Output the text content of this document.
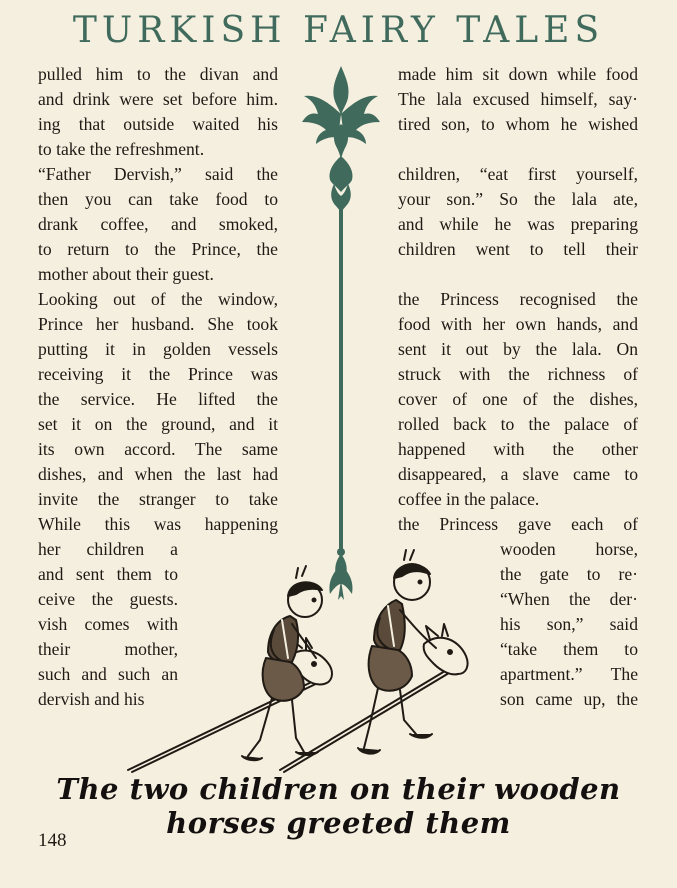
TURKISH FAIRY TALES
pulled him to the divan and
and drink were set before him.
ing that outside waited his
to take the refreshment.
“Father Dervish,” said the
then you can take food to
drank coffee, and smoked,
to return to the Prince, the
mother about their guest.
Looking out of the window,
Prince her husband. She took
putting it in golden vessels
receiving it the Prince was
the service. He lifted the
set it on the ground, and it
its own accord. The same
dishes, and when the last had
invite the stranger to take
While this was happening
her children a
and sent them to
ceive the guests.
vish comes with
their mother,
such and such an
dervish and his
made him sit down while food
The lala excused himself, say·
tired son, to whom he wished
children, “eat first yourself,
your son.” So the lala ate,
and while he was preparing
children went to tell their
the Princess recognised the
food with her own hands, and
sent it out by the lala. On
struck with the richness of
cover of one of the dishes,
rolled back to the palace of
happened with the other
disappeared, a slave came to
coffee in the palace.
the Princess gave each of
wooden horse,
the gate to re·
“When the der·
his son,” said
“take them to
apartment.” The
son came up, the
The two children on their wooden horses greeted them
148
